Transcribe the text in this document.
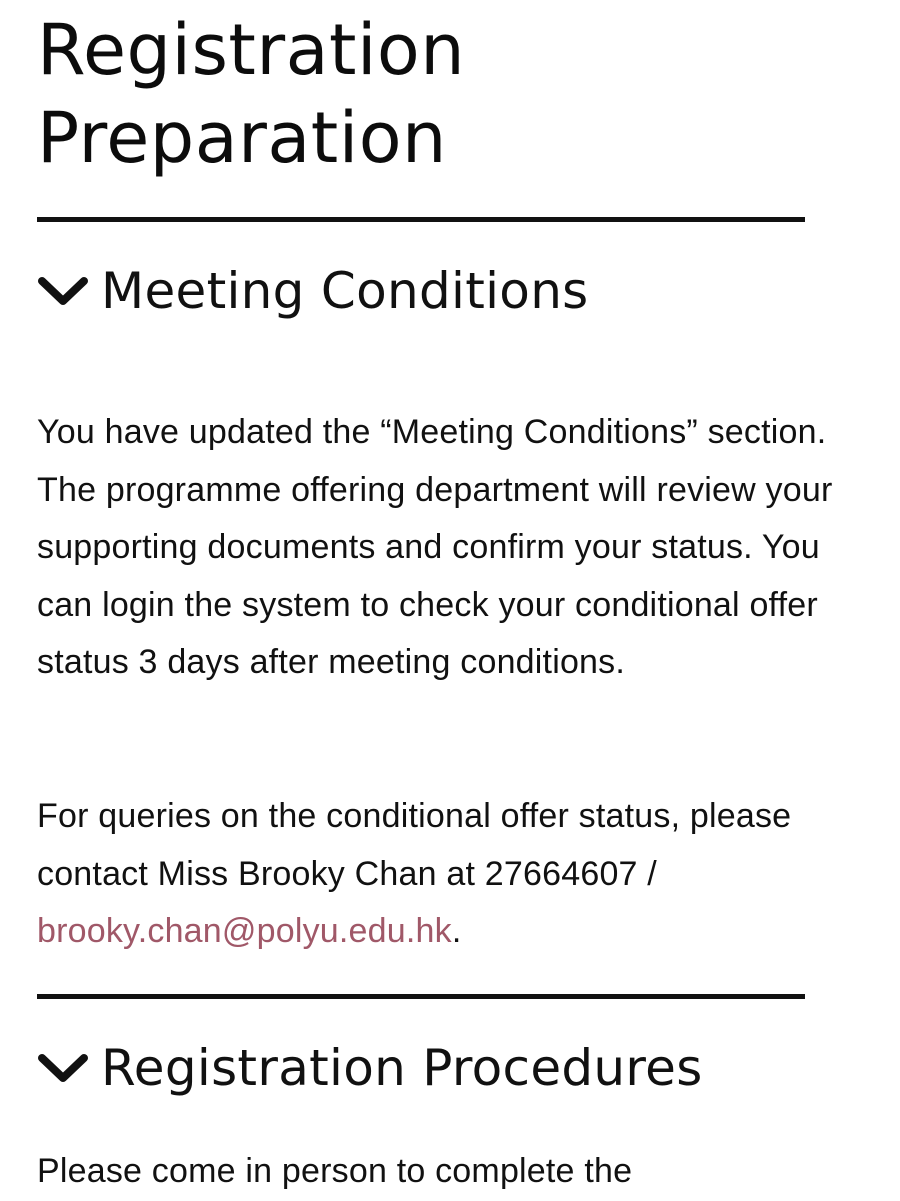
Registration Preparation
Meeting Conditions

You have updated the “Meeting Conditions” section. The programme offering department will review your supporting documents and confirm your status. You can login the system to check your conditional offer status 3 days after meeting conditions.

For queries on the conditional offer status, please contact Miss Brooky Chan at 27664607 / brooky.chan@polyu.edu.hk.

Registration Procedures

Please come in person to complete the
